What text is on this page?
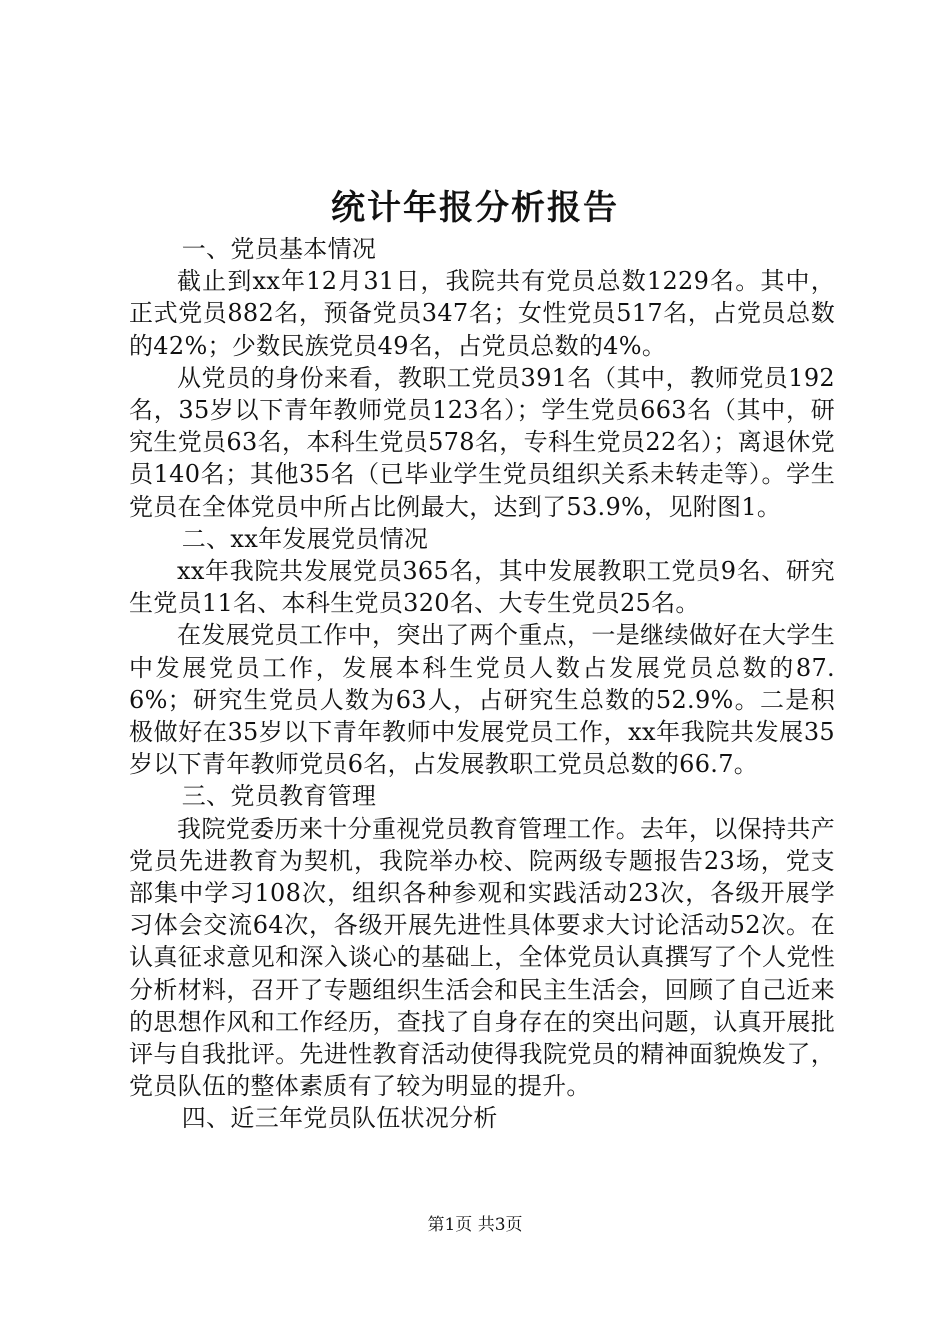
统计年报分析报告

一、党员基本情况

截止到xx年12月31日，我院共有党员总数1229名。其中，正式党员882名，预备党员347名；女性党员517名，占党员总数的42%；少数民族党员49名，占党员总数的4%。

从党员的身份来看，教职工党员391名（其中，教师党员192名，35岁以下青年教师党员123名）；学生党员663名（其中，研究生党员63名，本科生党员578名，专科生党员22名）；离退休党员140名；其他35名（已毕业学生党员组织关系未转走等）。学生党员在全体党员中所占比例最大，达到了53.9%，见附图1。

二、xx年发展党员情况

xx年我院共发展党员365名，其中发展教职工党员9名、研究生党员11名、本科生党员320名、大专生党员25名。

在发展党员工作中，突出了两个重点，一是继续做好在大学生中发展党员工作，发展本科生党员人数占发展党员总数的87.6%；研究生党员人数为63人，占研究生总数的52.9%。二是积极做好在35岁以下青年教师中发展党员工作，xx年我院共发展35岁以下青年教师党员6名，占发展教职工党员总数的66.7。

三、党员教育管理

我院党委历来十分重视党员教育管理工作。去年，以保持共产党员先进教育为契机，我院举办校、院两级专题报告23场，党支部集中学习108次，组织各种参观和实践活动23次，各级开展学习体会交流64次，各级开展先进性具体要求大讨论活动52次。在认真征求意见和深入谈心的基础上，全体党员认真撰写了个人党性分析材料，召开了专题组织生活会和民主生活会，回顾了自己近来的思想作风和工作经历，查找了自身存在的突出问题，认真开展批评与自我批评。先进性教育活动使得我院党员的精神面貌焕发了，党员队伍的整体素质有了较为明显的提升。

四、近三年党员队伍状况分析

第1页 共3页
